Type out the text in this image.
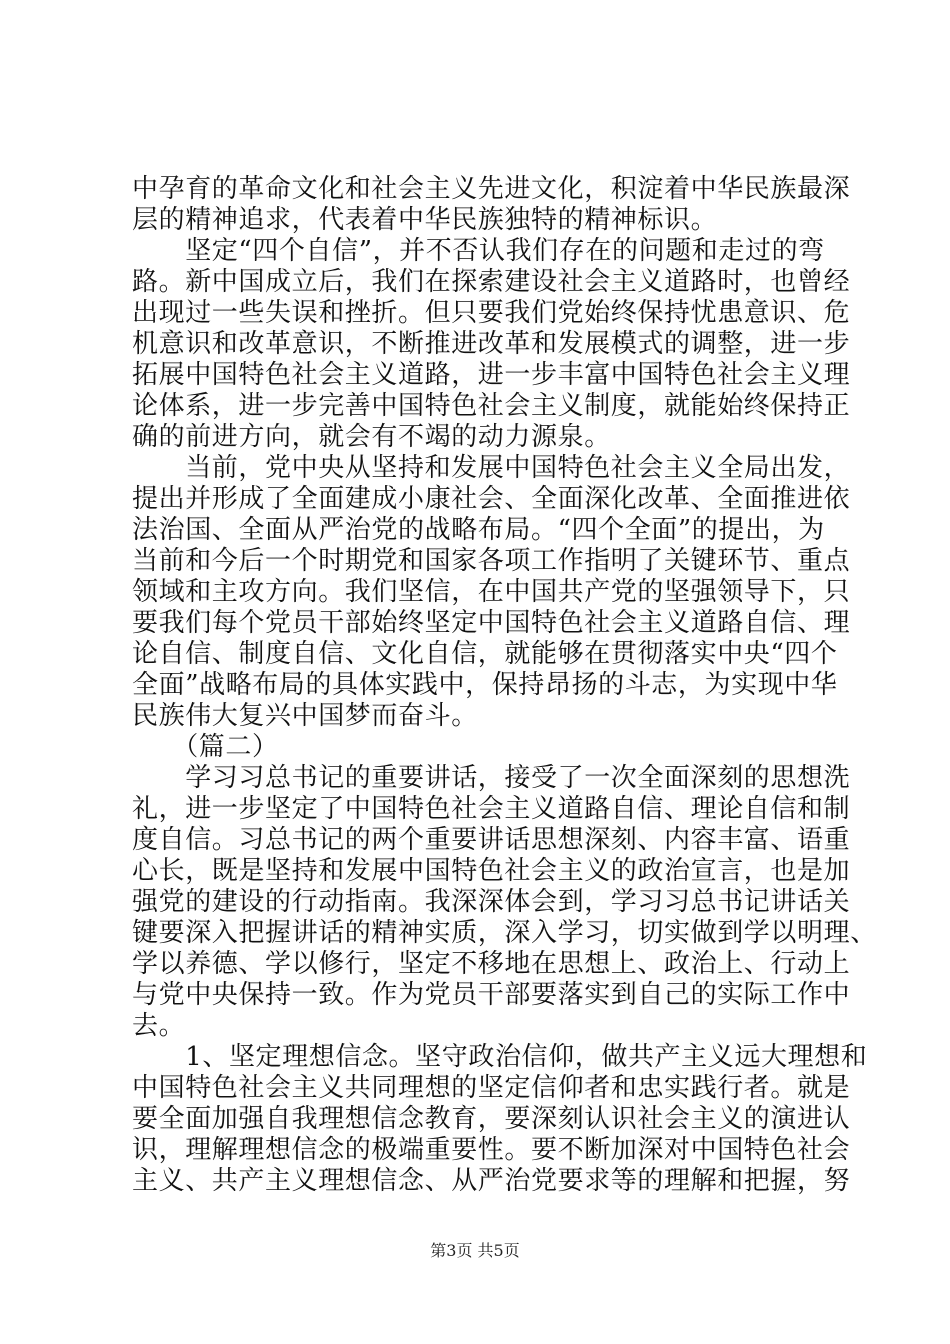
中孕育的革命文化和社会主义先进文化，积淀着中华民族最深
层的精神追求，代表着中华民族独特的精神标识。
　　坚定“四个自信”，并不否认我们存在的问题和走过的弯
路。新中国成立后，我们在探索建设社会主义道路时，也曾经
出现过一些失误和挫折。但只要我们党始终保持忧患意识、危
机意识和改革意识，不断推进改革和发展模式的调整，进一步
拓展中国特色社会主义道路，进一步丰富中国特色社会主义理
论体系，进一步完善中国特色社会主义制度，就能始终保持正
确的前进方向，就会有不竭的动力源泉。
　　当前，党中央从坚持和发展中国特色社会主义全局出发，
提出并形成了全面建成小康社会、全面深化改革、全面推进依
法治国、全面从严治党的战略布局。“四个全面”的提出，为
当前和今后一个时期党和国家各项工作指明了关键环节、重点
领域和主攻方向。我们坚信，在中国共产党的坚强领导下，只
要我们每个党员干部始终坚定中国特色社会主义道路自信、理
论自信、制度自信、文化自信，就能够在贯彻落实中央“四个
全面”战略布局的具体实践中，保持昂扬的斗志，为实现中华
民族伟大复兴中国梦而奋斗。
　　（篇二）
　　学习习总书记的重要讲话，接受了一次全面深刻的思想洗
礼，进一步坚定了中国特色社会主义道路自信、理论自信和制
度自信。习总书记的两个重要讲话思想深刻、内容丰富、语重
心长，既是坚持和发展中国特色社会主义的政治宣言，也是加
强党的建设的行动指南。我深深体会到，学习习总书记讲话关
键要深入把握讲话的精神实质，深入学习，切实做到学以明理、
学以养德、学以修行，坚定不移地在思想上、政治上、行动上
与党中央保持一致。作为党员干部要落实到自己的实际工作中
去。
　　1、坚定理想信念。坚守政治信仰，做共产主义远大理想和
中国特色社会主义共同理想的坚定信仰者和忠实践行者。就是
要全面加强自我理想信念教育，要深刻认识社会主义的演进认
识，理解理想信念的极端重要性。要不断加深对中国特色社会
主义、共产主义理想信念、从严治党要求等的理解和把握，努
第3页 共5页
